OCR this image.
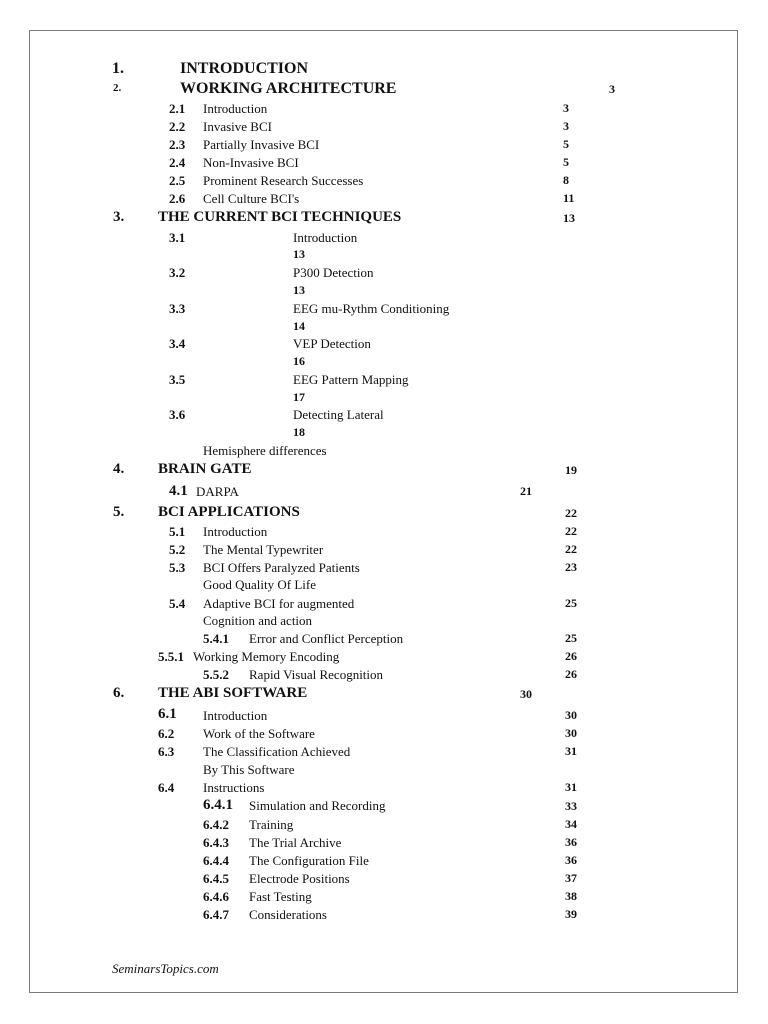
1.	INTRODUCTION
2.	WORKING ARCHITECTURE	3
2.1 Introduction	3
2.2 Invasive BCI	3
2.3 Partially Invasive BCI	5
2.4 Non-Invasive BCI	5
2.5 Prominent Research Successes	8
2.6 Cell Culture BCI's	11
3. THE CURRENT BCI TECHNIQUES	13
3.1	Introduction
13
3.2	P300 Detection
13
3.3	EEG mu-Rythm Conditioning
14
3.4	VEP Detection
16
3.5	EEG Pattern Mapping
17
3.6	Detecting Lateral
18
Hemisphere differences
4. BRAIN GATE	19
4.1 DARPA	21
5. BCI APPLICATIONS	22
5.1 Introduction	22
5.2 The Mental Typewriter	22
5.3 BCI Offers Paralyzed Patients	23
Good Quality Of Life
5.4 Adaptive BCI for augmented	25
Cognition and action
5.4.1 Error and Conflict Perception	25
5.5.1 Working Memory Encoding	26
5.5.2 Rapid Visual Recognition	26
6. THE ABI SOFTWARE	30
6.1 Introduction	30
6.2 Work of the Software	30
6.3 The Classification Achieved	31
By This Software
6.4 Instructions	31
6.4.1 Simulation and Recording	33
6.4.2 Training	34
6.4.3 The Trial Archive	36
6.4.4 The Configuration File	36
6.4.5 Electrode Positions	37
6.4.6 Fast Testing	38
6.4.7 Considerations	39
SeminarsTopics.com
